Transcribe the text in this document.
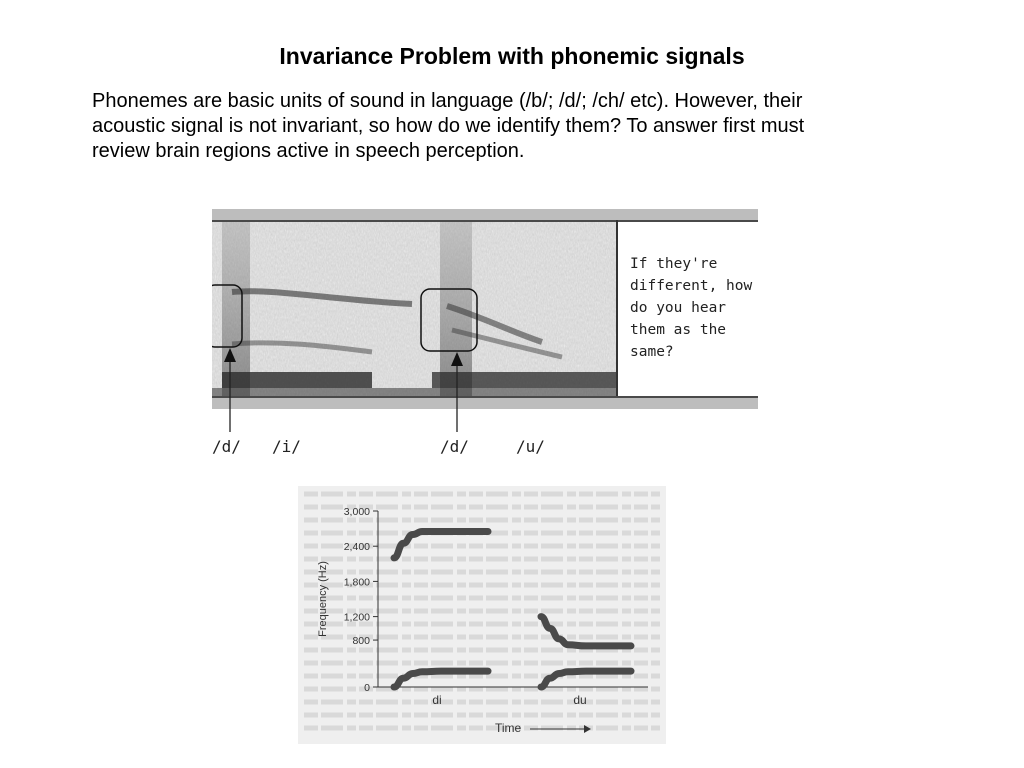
Invariance Problem with phonemic signals
Phonemes are basic units of sound in language (/b/; /d/; /ch/ etc). However, their
acoustic signal is not invariant, so how do we identify them? To answer first must
review brain regions active in speech perception.
If they're
different, how
do you hear
them as the
same?
/d/ /i/	/d/	/u/
0
800
1,200
1,800
2,400
3,000
Frequency (Hz)
di	du
Time
